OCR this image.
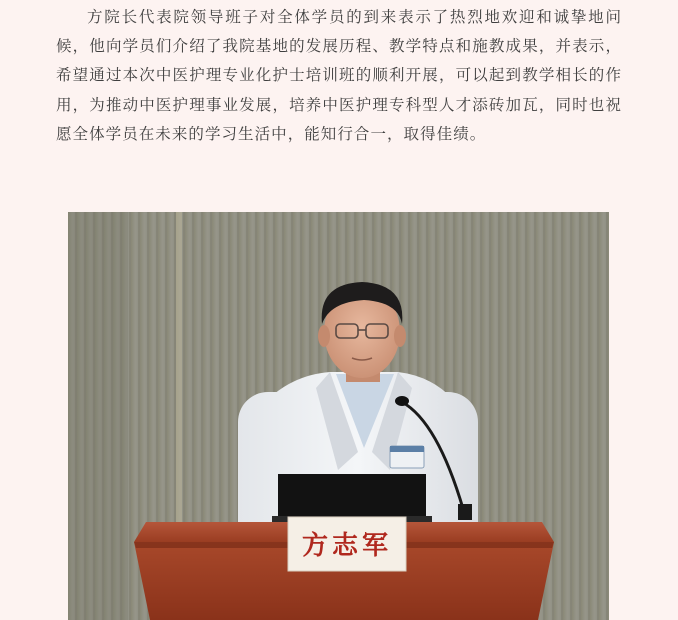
方院长代表院领导班子对全体学员的到来表示了热烈地欢迎和诚挚地问候，他向学员们介绍了我院基地的发展历程、教学特点和施教成果，并表示，希望通过本次中医护理专业化护士培训班的顺利开展，可以起到教学相长的作用，为推动中医护理事业发展，培养中医护理专科型人才添砖加瓦，同时也祝愿全体学员在未来的学习生活中，能知行合一，取得佳绩。

方志军
